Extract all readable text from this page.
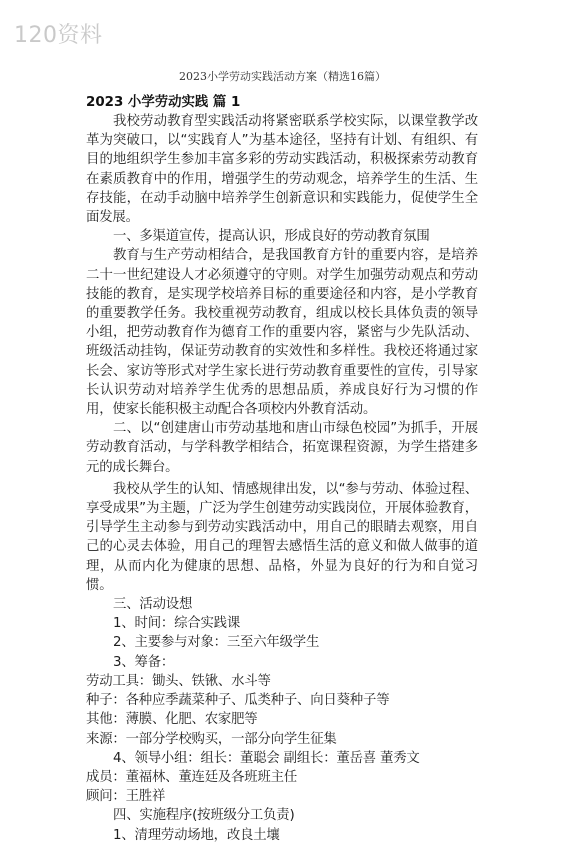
120资料
2023小学劳动实践活动方案（精选16篇）

2023 小学劳动实践 篇 1

我校劳动教育型实践活动将紧密联系学校实际，以课堂教学改革为突破口，以“实践育人”为基本途径，坚持有计划、有组织、有目的地组织学生参加丰富多彩的劳动实践活动，积极探索劳动教育在素质教育中的作用，增强学生的劳动观念，培养学生的生活、生存技能，在动手动脑中培养学生创新意识和实践能力，促使学生全面发展。

一、多渠道宣传，提高认识，形成良好的劳动教育氛围

教育与生产劳动相结合，是我国教育方针的重要内容，是培养二十一世纪建设人才必须遵守的守则。对学生加强劳动观点和劳动技能的教育，是实现学校培养目标的重要途径和内容，是小学教育的重要教学任务。我校重视劳动教育，组成以校长具体负责的领导小组，把劳动教育作为德育工作的重要内容，紧密与少先队活动、班级活动挂钩，保证劳动教育的实效性和多样性。我校还将通过家长会、家访等形式对学生家长进行劳动教育重要性的宣传，引导家长认识劳动对培养学生优秀的思想品质，养成良好行为习惯的作用，使家长能积极主动配合各项校内外教育活动。

二、以“创建唐山市劳动基地和唐山市绿色校园”为抓手，开展劳动教育活动，与学科教学相结合，拓宽课程资源，为学生搭建多元的成长舞台。

我校从学生的认知、情感规律出发，以“参与劳动、体验过程、享受成果”为主题，广泛为学生创建劳动实践岗位，开展体验教育，引导学生主动参与到劳动实践活动中，用自己的眼睛去观察，用自己的心灵去体验，用自己的理智去感悟生活的意义和做人做事的道理，从而内化为健康的思想、品格，外显为良好的行为和自觉习惯。

三、活动设想

1、时间：综合实践课

2、主要参与对象：三至六年级学生

3、筹备：

劳动工具：锄头、铁锹、水斗等

种子：各种应季蔬菜种子、瓜类种子、向日葵种子等

其他：薄膜、化肥、农家肥等

来源：一部分学校购买，一部分向学生征集

4、领导小组：组长：董聪会 副组长：董岳喜 董秀文

成员：董福林、董连廷及各班班主任

顾问：王胜祥

四、实施程序(按班级分工负责)

1、清理劳动场地，改良土壤
